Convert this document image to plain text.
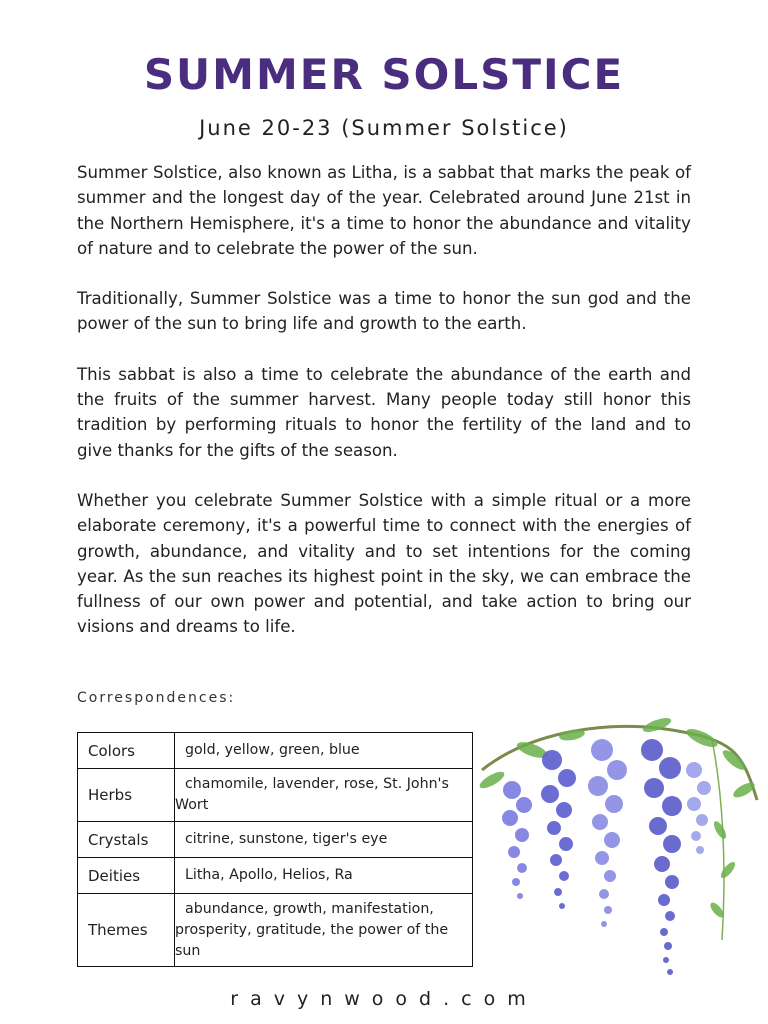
SUMMER SOLSTICE
June 20-23 (Summer Solstice)

Summer Solstice, also known as Litha, is a sabbat that marks the peak of summer and the longest day of the year. Celebrated around June 21st in the Northern Hemisphere, it's a time to honor the abundance and vitality of nature and to celebrate the power of the sun.

Traditionally, Summer Solstice was a time to honor the sun god and the power of the sun to bring life and growth to the earth.

This sabbat is also a time to celebrate the abundance of the earth and the fruits of the summer harvest. Many people today still honor this tradition by performing rituals to honor the fertility of the land and to give thanks for the gifts of the season.

Whether you celebrate Summer Solstice with a simple ritual or a more elaborate ceremony, it's a powerful time to connect with the energies of growth, abundance, and vitality and to set intentions for the coming year. As the sun reaches its highest point in the sky, we can embrace the fullness of our own power and potential, and take action to bring our visions and dreams to life.

Correspondences:
Colors	gold, yellow, green, blue

Herbs	chamomile, lavender, rose, St. John's Wort

Crystals	citrine, sunstone, tiger's eye

Deities	Litha, Apollo, Helios, Ra

Themes	abundance, growth, manifestation, prosperity, gratitude, the power of the sun
ravynwood.com
